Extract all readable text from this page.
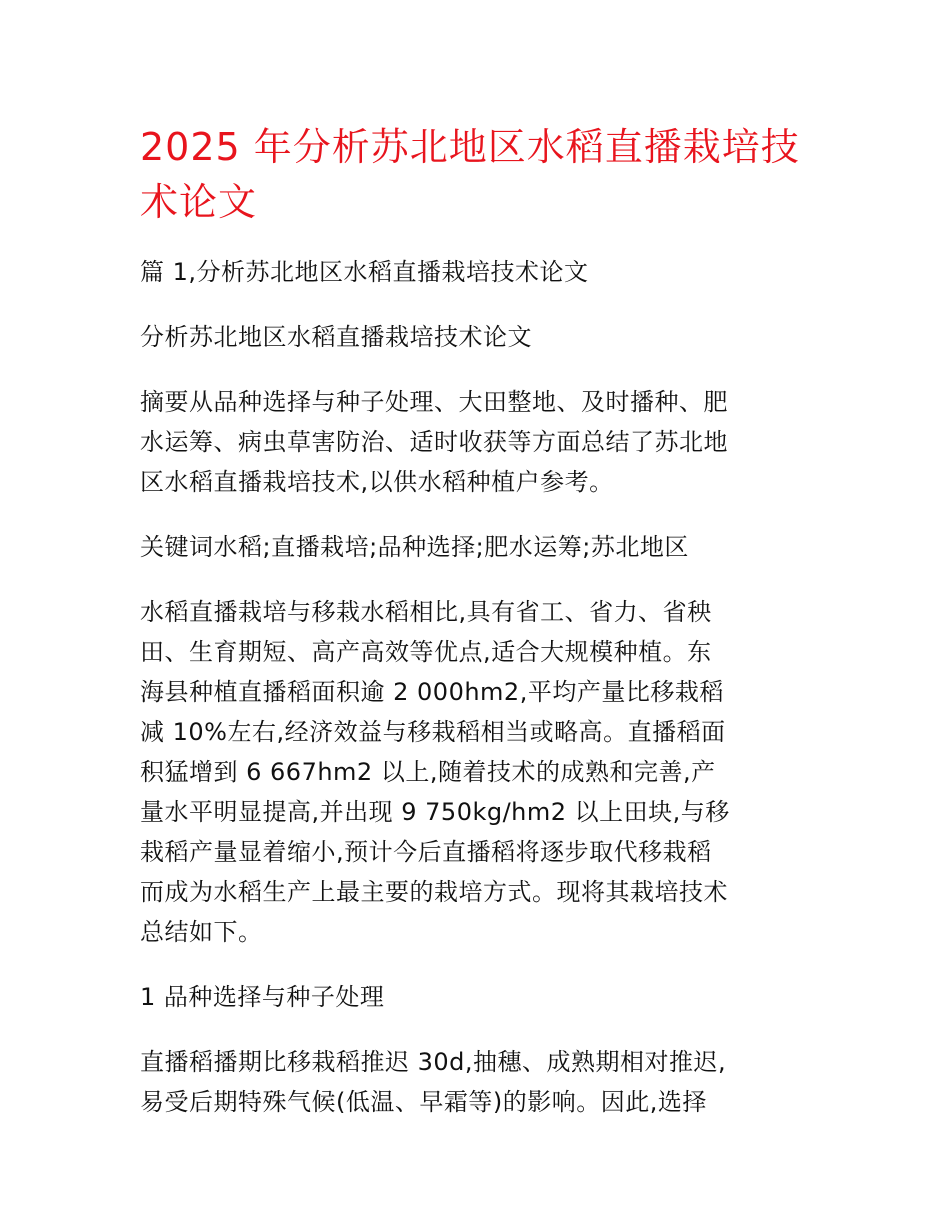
2025 年分析苏北地区水稻直播栽培技
术论文

篇 1,分析苏北地区水稻直播栽培技术论文

分析苏北地区水稻直播栽培技术论文

摘要从品种选择与种子处理、大田整地、及时播种、肥
水运筹、病虫草害防治、适时收获等方面总结了苏北地
区水稻直播栽培技术,以供水稻种植户参考。

关键词水稻;直播栽培;品种选择;肥水运筹;苏北地区

水稻直播栽培与移栽水稻相比,具有省工、省力、省秧
田、生育期短、高产高效等优点,适合大规模种植。东
海县种植直播稻面积逾 2 000hm2,平均产量比移栽稻
减 10%左右,经济效益与移栽稻相当或略高。直播稻面
积猛增到 6 667hm2 以上,随着技术的成熟和完善,产
量水平明显提高,并出现 9 750kg/hm2 以上田块,与移
栽稻产量显着缩小,预计今后直播稻将逐步取代移栽稻
而成为水稻生产上最主要的栽培方式。现将其栽培技术
总结如下。

1 品种选择与种子处理

直播稻播期比移栽稻推迟 30d,抽穗、成熟期相对推迟,
易受后期特殊气候(低温、早霜等)的影响。因此,选择
